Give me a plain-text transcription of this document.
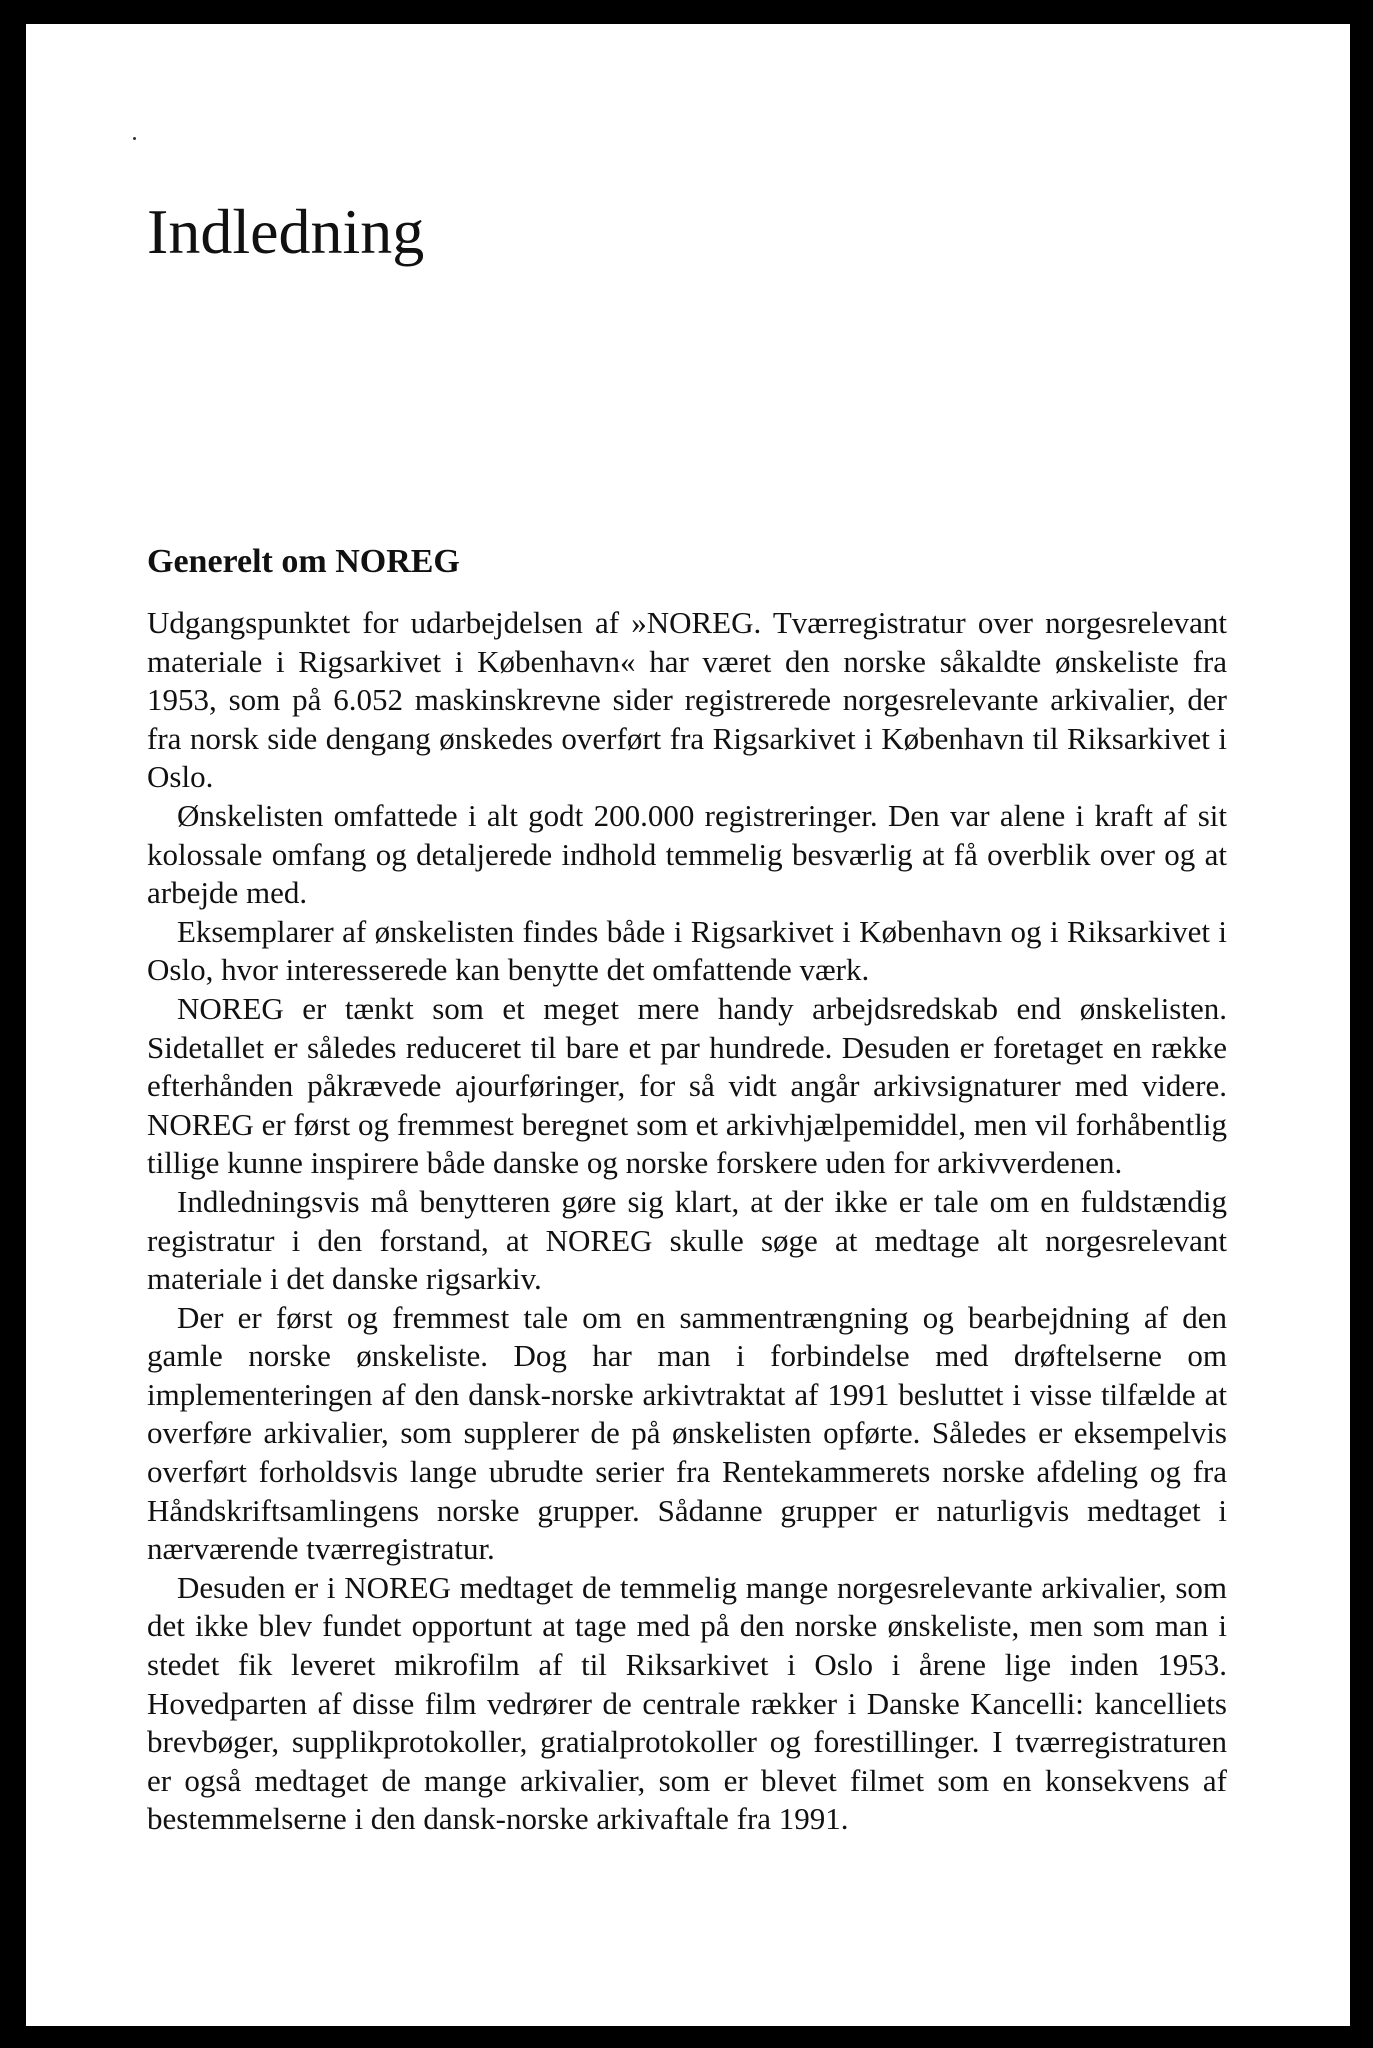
Indledning
Generelt om NOREG

Udgangspunktet for udarbejdelsen af »NOREG. Tværregistratur over norgesrelevant materiale i Rigsarkivet i København« har været den norske såkaldte ønskeliste fra 1953, som på 6.052 maskinskrevne sider registrerede norgesrelevante arkivalier, der fra norsk side dengang ønskedes overført fra Rigsarkivet i København til Riksarkivet i Oslo.

Ønskelisten omfattede i alt godt 200.000 registreringer. Den var alene i kraft af sit kolossale omfang og detaljerede indhold temmelig besværlig at få overblik over og at arbejde med.

Eksemplarer af ønskelisten findes både i Rigsarkivet i København og i Riksarkivet i Oslo, hvor interesserede kan benytte det omfattende værk.

NOREG er tænkt som et meget mere handy arbejdsredskab end ønskelisten. Sidetallet er således reduceret til bare et par hundrede. Desuden er foretaget en række efterhånden påkrævede ajourføringer, for så vidt angår arkivsignaturer med videre. NOREG er først og fremmest beregnet som et arkivhjælpemiddel, men vil forhåbentlig tillige kunne inspirere både danske og norske forskere uden for arkivverdenen.

Indledningsvis må benytteren gøre sig klart, at der ikke er tale om en fuldstændig registratur i den forstand, at NOREG skulle søge at medtage alt norgesrelevant materiale i det danske rigsarkiv.

Der er først og fremmest tale om en sammentrængning og bearbejdning af den gamle norske ønskeliste. Dog har man i forbindelse med drøftelserne om implementeringen af den dansk-norske arkivtraktat af 1991 besluttet i visse tilfælde at overføre arkivalier, som supplerer de på ønskelisten opførte. Således er eksempelvis overført forholdsvis lange ubrudte serier fra Rentekammerets norske afdeling og fra Håndskriftsamlingens norske grupper. Sådanne grupper er naturligvis medtaget i nærværende tværregistratur.

Desuden er i NOREG medtaget de temmelig mange norgesrelevante arkivalier, som det ikke blev fundet opportunt at tage med på den norske ønskeliste, men som man i stedet fik leveret mikrofilm af til Riksarkivet i Oslo i årene lige inden 1953. Hovedparten af disse film vedrører de centrale rækker i Danske Kancelli: kancelliets brevbøger, supplikprotokoller, gratialprotokoller og forestillinger. I tværregistraturen er også medtaget de mange arkivalier, som er blevet filmet som en konsekvens af bestemmelserne i den dansk-norske arkivaftale fra 1991.
